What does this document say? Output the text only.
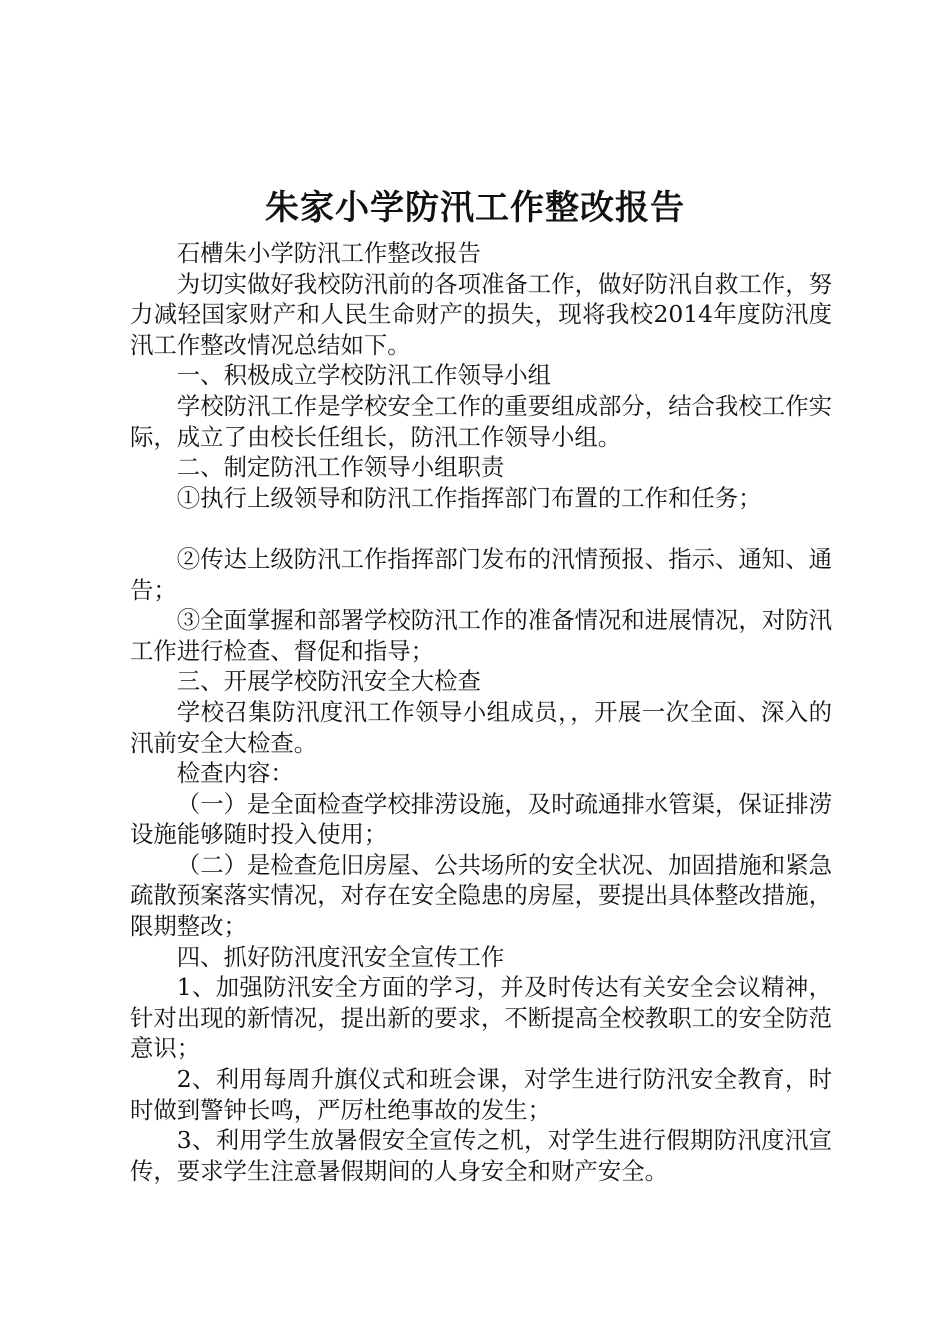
朱家小学防汛工作整改报告

石槽朱小学防汛工作整改报告

为切实做好我校防汛前的各项准备工作，做好防汛自救工作，努力减轻国家财产和人民生命财产的损失，现将我校2014年度防汛度汛工作整改情况总结如下。

一、积极成立学校防汛工作领导小组

学校防汛工作是学校安全工作的重要组成部分，结合我校工作实际，成立了由校长任组长，防汛工作领导小组。

二、制定防汛工作领导小组职责

①执行上级领导和防汛工作指挥部门布置的工作和任务；

②传达上级防汛工作指挥部门发布的汛情预报、指示、通知、通告；

③全面掌握和部署学校防汛工作的准备情况和进展情况，对防汛工作进行检查、督促和指导；

三、开展学校防汛安全大检查

学校召集防汛度汛工作领导小组成员，，开展一次全面、深入的汛前安全大检查。

检查内容：

（一）是全面检查学校排涝设施，及时疏通排水管渠，保证排涝设施能够随时投入使用；

（二）是检查危旧房屋、公共场所的安全状况、加固措施和紧急疏散预案落实情况，对存在安全隐患的房屋，要提出具体整改措施，限期整改；

四、抓好防汛度汛安全宣传工作

1、加强防汛安全方面的学习，并及时传达有关安全会议精神，针对出现的新情况，提出新的要求，不断提高全校教职工的安全防范意识；

2、利用每周升旗仪式和班会课，对学生进行防汛安全教育，时时做到警钟长鸣，严厉杜绝事故的发生；

3、利用学生放暑假安全宣传之机，对学生进行假期防汛度汛宣传，要求学生注意暑假期间的人身安全和财产安全。
